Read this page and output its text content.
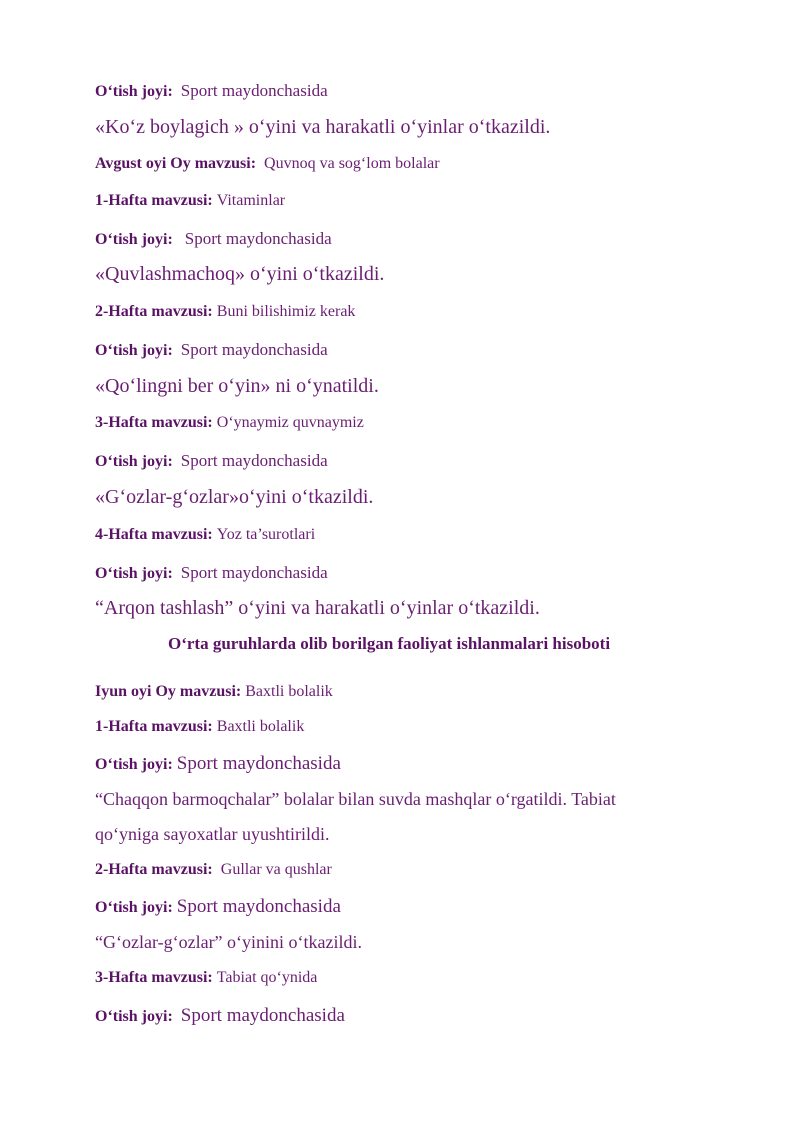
O‘tish joyi: Sport maydonchasida
«Ko‘z boylagich » o‘yini va harakatli o‘yinlar o‘tkazildi.
Avgust oyi Oy mavzusi: Quvnoq va sog‘lom bolalar
1-Hafta mavzusi: Vitaminlar
O‘tish joyi: Sport maydonchasida
«Quvlashmachoq» o‘yini o‘tkazildi.
2-Hafta mavzusi: Buni bilishimiz kerak
O‘tish joyi: Sport maydonchasida
«Qo‘lingni ber o‘yin» ni o‘ynatildi.
3-Hafta mavzusi: O‘ynaymiz quvnaymiz
O‘tish joyi: Sport maydonchasida
«G‘ozlar-g‘ozlar»o‘yini o‘tkazildi.
4-Hafta mavzusi: Yoz ta’surotlari
O‘tish joyi: Sport maydonchasida
“Arqon tashlash” o‘yini va harakatli o‘yinlar o‘tkazildi.
O‘rta guruhlarda olib borilgan faoliyat ishlanmalari hisoboti
Iyun oyi Oy mavzusi: Baxtli bolalik
1-Hafta mavzusi: Baxtli bolalik
O‘tish joyi: Sport maydonchasida
“Chaqqon barmoqchalar” bolalar bilan suvda mashqlar o‘rgatildi. Tabiat
qo‘yniga sayoxatlar uyushtirildi.
2-Hafta mavzusi: Gullar va qushlar
O‘tish joyi: Sport maydonchasida
“G‘ozlar-g‘ozlar” o‘yinini o‘tkazildi.
3-Hafta mavzusi: Tabiat qo‘ynida
O‘tish joyi: Sport maydonchasida
